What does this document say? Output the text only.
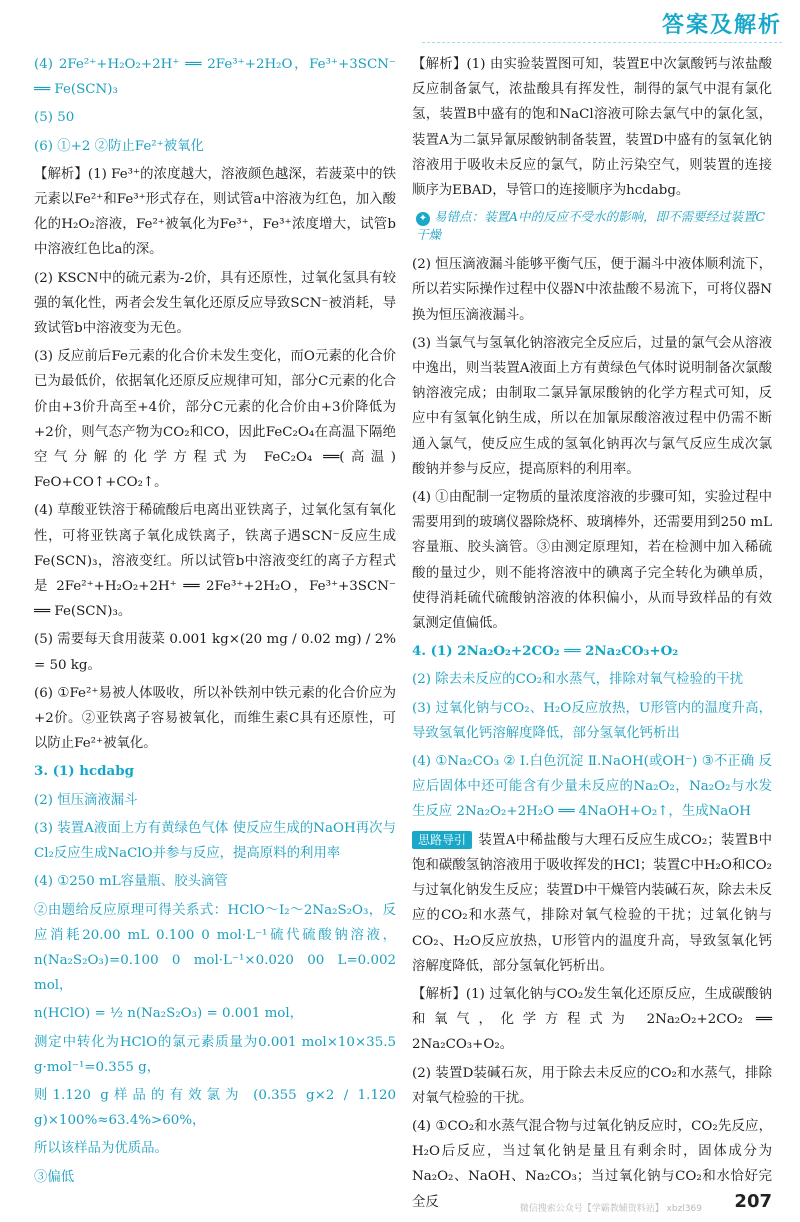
答案及解析

(4) 2Fe²⁺+H₂O₂+2H⁺ ══ 2Fe³⁺+2H₂O，Fe³⁺+3SCN⁻ ══ Fe(SCN)₃

(5) 50

(6) ①+2 ②防止Fe²⁺被氧化

【解析】(1) Fe³⁺的浓度越大，溶液颜色越深，若菠菜中的铁元素以Fe²⁺和Fe³⁺形式存在，则试管a中溶液为红色，加入酸化的H₂O₂溶液，Fe²⁺被氧化为Fe³⁺，Fe³⁺浓度增大，试管b中溶液红色比a的深。

(2) KSCN中的硫元素为-2价，具有还原性，过氧化氢具有较强的氧化性，两者会发生氧化还原反应导致SCN⁻被消耗，导致试管b中溶液变为无色。

(3) 反应前后Fe元素的化合价未发生变化，而O元素的化合价已为最低价，依据氧化还原反应规律可知，部分C元素的化合价由+3价升高至+4价，部分C元素的化合价由+3价降低为+2价，则气态产物为CO₂和CO，因此FeC₂O₄在高温下隔绝空气分解的化学方程式为 FeC₂O₄ ══(高温) FeO+CO↑+CO₂↑。

(4) 草酸亚铁溶于稀硫酸后电离出亚铁离子，过氧化氢有氧化性，可将亚铁离子氧化成铁离子，铁离子遇SCN⁻反应生成Fe(SCN)₃，溶液变红。所以试管b中溶液变红的离子方程式是 2Fe²⁺+H₂O₂+2H⁺ ══ 2Fe³⁺+2H₂O，Fe³⁺+3SCN⁻ ══ Fe(SCN)₃。

(5) 需要每天食用菠菜 0.001 kg×(20 mg / 0.02 mg) / 2% = 50 kg。

(6) ①Fe²⁺易被人体吸收，所以补铁剂中铁元素的化合价应为+2价。②亚铁离子容易被氧化，而维生素C具有还原性，可以防止Fe²⁺被氧化。

3. (1) hcdabg

(2) 恒压滴液漏斗

(3) 装置A液面上方有黄绿色气体 使反应生成的NaOH再次与Cl₂反应生成NaClO并参与反应，提高原料的利用率

(4) ①250 mL容量瓶、胶头滴管

②由题给反应原理可得关系式：HClO～I₂～2Na₂S₂O₃，反应消耗20.00 mL 0.100 0 mol·L⁻¹硫代硫酸钠溶液，n(Na₂S₂O₃)=0.100 0 mol·L⁻¹×0.020 00 L=0.002 mol，

n(HClO) = ½ n(Na₂S₂O₃) = 0.001 mol，

测定中转化为HClO的氯元素质量为0.001 mol×10×35.5 g·mol⁻¹=0.355 g，

则1.120 g样品的有效氯为 (0.355 g×2 / 1.120 g)×100%≈63.4%>60%，

所以该样品为优质品。

③偏低

【解析】(1) 由实验装置图可知，装置E中次氯酸钙与浓盐酸反应制备氯气，浓盐酸具有挥发性，制得的氯气中混有氯化氢，装置B中盛有的饱和NaCl溶液可除去氯气中的氯化氢，装置A为二氯异氰尿酸钠制备装置，装置D中盛有的氢氧化钠溶液用于吸收未反应的氯气，防止污染空气，则装置的连接顺序为EBAD，导管口的连接顺序为hcdabg。

✦ 易错点：装置A中的反应不受水的影响，即不需要经过装置C干燥

(2) 恒压滴液漏斗能够平衡气压，便于漏斗中液体顺利流下，所以若实际操作过程中仪器N中浓盐酸不易流下，可将仪器N换为恒压滴液漏斗。

(3) 当氯气与氢氧化钠溶液完全反应后，过量的氯气会从溶液中逸出，则当装置A液面上方有黄绿色气体时说明制备次氯酸钠溶液完成；由制取二氯异氰尿酸钠的化学方程式可知，反应中有氢氧化钠生成，所以在加氰尿酸溶液过程中仍需不断通入氯气，使反应生成的氢氧化钠再次与氯气反应生成次氯酸钠并参与反应，提高原料的利用率。

(4) ①由配制一定物质的量浓度溶液的步骤可知，实验过程中需要用到的玻璃仪器除烧杯、玻璃棒外，还需要用到250 mL容量瓶、胶头滴管。③由测定原理知，若在检测中加入稀硫酸的量过少，则不能将溶液中的碘离子完全转化为碘单质，使得消耗硫代硫酸钠溶液的体积偏小，从而导致样品的有效氯测定值偏低。

4. (1) 2Na₂O₂+2CO₂ ══ 2Na₂CO₃+O₂

(2) 除去未反应的CO₂和水蒸气，排除对氧气检验的干扰

(3) 过氧化钠与CO₂、H₂O反应放热，U形管内的温度升高，导致氢氧化钙溶解度降低，部分氢氧化钙析出

(4) ①Na₂CO₃ ② Ⅰ.白色沉淀 Ⅱ.NaOH(或OH⁻) ③不正确 反应后固体中还可能含有少量未反应的Na₂O₂，Na₂O₂与水发生反应 2Na₂O₂+2H₂O ══ 4NaOH+O₂↑，生成NaOH

思路导引 装置A中稀盐酸与大理石反应生成CO₂；装置B中饱和碳酸氢钠溶液用于吸收挥发的HCl；装置C中H₂O和CO₂与过氧化钠发生反应；装置D中干燥管内装碱石灰，除去未反应的CO₂和水蒸气，排除对氧气检验的干扰；过氧化钠与CO₂、H₂O反应放热，U形管内的温度升高，导致氢氧化钙溶解度降低，部分氢氧化钙析出。

【解析】(1) 过氧化钠与CO₂发生氧化还原反应，生成碳酸钠和氧气，化学方程式为 2Na₂O₂+2CO₂ ══ 2Na₂CO₃+O₂。

(2) 装置D装碱石灰，用于除去未反应的CO₂和水蒸气，排除对氧气检验的干扰。

(4) ①CO₂和水蒸气混合物与过氧化钠反应时，CO₂先反应，H₂O后反应，当过氧化钠是量且有剩余时，固体成分为Na₂O₂、NaOH、Na₂CO₃；当过氧化钠与CO₂和水恰好完全反	微信搜索公众号【学霸教辅资料站】 xbzl369 207
